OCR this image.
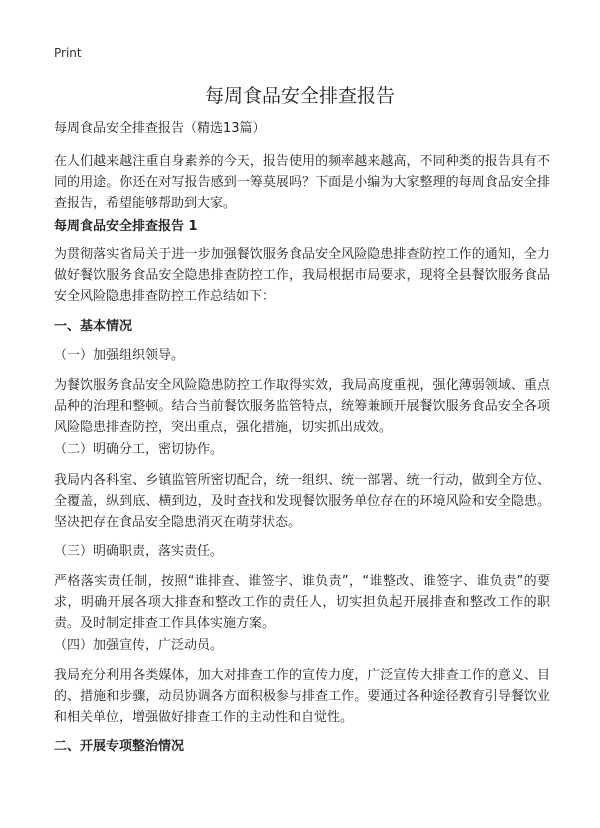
Print
每周食品安全排查报告

每周食品安全排查报告（精选13篇）

在人们越来越注重自身素养的今天，报告使用的频率越来越高，不同种类的报告具有不同的用途。你还在对写报告感到一筹莫展吗？下面是小编为大家整理的每周食品安全排查报告，希望能够帮助到大家。

每周食品安全排查报告 1

为贯彻落实省局关于进一步加强餐饮服务食品安全风险隐患排查防控工作的通知，全力做好餐饮服务食品安全隐患排查防控工作，我局根据市局要求，现将全县餐饮服务食品安全风险隐患排查防控工作总结如下：

一、基本情况

（一）加强组织领导。

为餐饮服务食品安全风险隐患防控工作取得实效，我局高度重视，强化薄弱领域、重点品种的治理和整顿。结合当前餐饮服务监管特点，统筹兼顾开展餐饮服务食品安全各项风险隐患排查防控，突出重点，强化措施，切实抓出成效。

（二）明确分工，密切协作。

我局内各科室、乡镇监管所密切配合，统一组织、统一部署、统一行动，做到全方位、全覆盖，纵到底、横到边，及时查找和发现餐饮服务单位存在的环境风险和安全隐患。坚决把存在食品安全隐患消灭在萌芽状态。

（三）明确职责，落实责任。

严格落实责任制，按照“谁排查、谁签字、谁负责”，“谁整改、谁签字、谁负责”的要求，明确开展各项大排查和整改工作的责任人，切实担负起开展排查和整改工作的职责。及时制定排查工作具体实施方案。

（四）加强宣传，广泛动员。

我局充分利用各类媒体，加大对排查工作的宣传力度，广泛宣传大排查工作的意义、目的、措施和步骤，动员协调各方面积极参与排查工作。要通过各种途径教育引导餐饮业和相关单位，增强做好排查工作的主动性和自觉性。

二、开展专项整治情况
